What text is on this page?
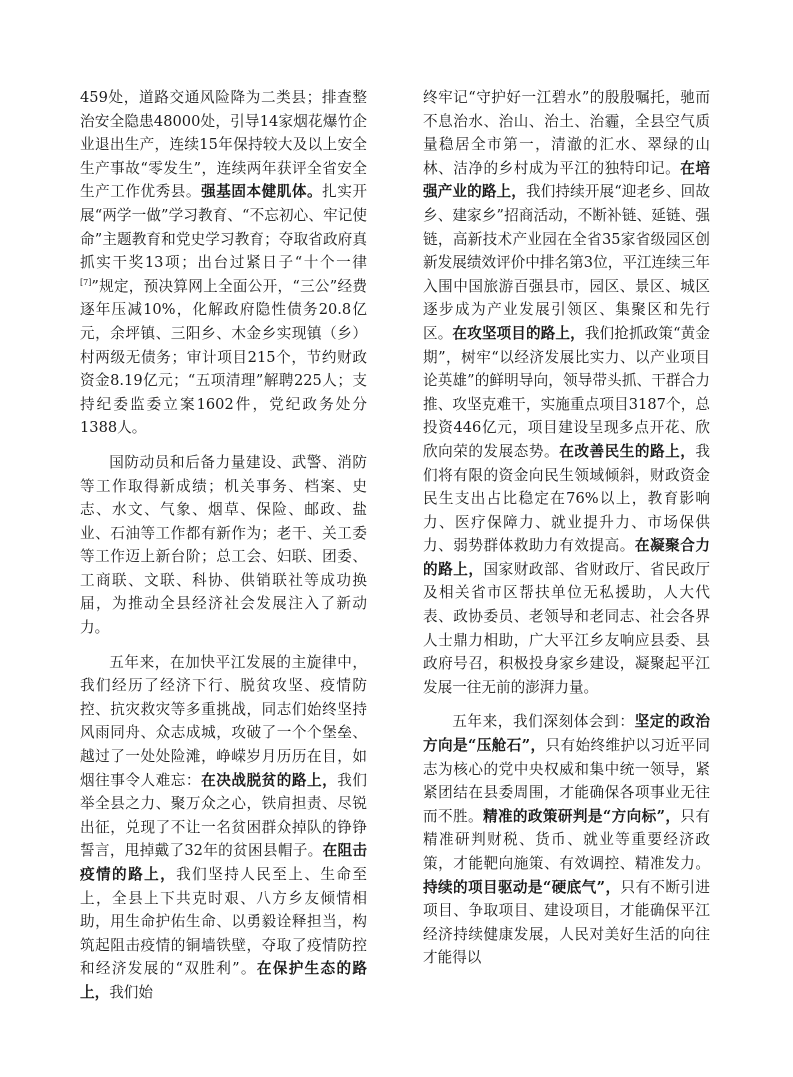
459处，道路交通风险降为二类县；排查整治安全隐患48000处，引导14家烟花爆竹企业退出生产，连续15年保持较大及以上安全生产事故“零发生”，连续两年获评全省安全生产工作优秀县。强基固本健肌体。扎实开展“两学一做”学习教育、“不忘初心、牢记使命”主题教育和党史学习教育；夺取省政府真抓实干奖13项；出台过紧日子“十个一律[7]”规定，预决算网上全面公开，“三公”经费逐年压减10%，化解政府隐性债务20.8亿元，余坪镇、三阳乡、木金乡实现镇（乡）村两级无债务；审计项目215个，节约财政资金8.19亿元；“五项清理”解聘225人；支持纪委监委立案1602件，党纪政务处分1388人。

国防动员和后备力量建设、武警、消防等工作取得新成绩；机关事务、档案、史志、水文、气象、烟草、保险、邮政、盐业、石油等工作都有新作为；老干、关工委等工作迈上新台阶；总工会、妇联、团委、工商联、文联、科协、供销联社等成功换届，为推动全县经济社会发展注入了新动力。

五年来，在加快平江发展的主旋律中，我们经历了经济下行、脱贫攻坚、疫情防控、抗灾救灾等多重挑战，同志们始终坚持风雨同舟、众志成城，攻破了一个个堡垒、越过了一处处险滩，峥嵘岁月历历在目，如烟往事令人难忘：在决战脱贫的路上，我们举全县之力、聚万众之心，铁肩担责、尽锐出征，兑现了不让一名贫困群众掉队的铮铮誓言，甩掉戴了32年的贫困县帽子。在阻击疫情的路上，我们坚持人民至上、生命至上，全县上下共克时艰、八方乡友倾情相助，用生命护佑生命、以勇毅诠释担当，构筑起阻击疫情的铜墙铁壁，夺取了疫情防控和经济发展的“双胜利”。在保护生态的路上，我们始

终牢记“守护好一江碧水”的殷殷嘱托，驰而不息治水、治山、治土、治霾，全县空气质量稳居全市第一，清澈的汇水、翠绿的山林、洁净的乡村成为平江的独特印记。在培强产业的路上，我们持续开展“迎老乡、回故乡、建家乡”招商活动，不断补链、延链、强链，高新技术产业园在全省35家省级园区创新发展绩效评价中排名第3位，平江连续三年入围中国旅游百强县市，园区、景区、城区逐步成为产业发展引领区、集聚区和先行区。在攻坚项目的路上，我们抢抓政策“黄金期”，树牢“以经济发展比实力、以产业项目论英雄”的鲜明导向，领导带头抓、干群合力推、攻坚克难干，实施重点项目3187个，总投资446亿元，项目建设呈现多点开花、欣欣向荣的发展态势。在改善民生的路上，我们将有限的资金向民生领域倾斜，财政资金民生支出占比稳定在76%以上，教育影响力、医疗保障力、就业提升力、市场保供力、弱势群体救助力有效提高。在凝聚合力的路上，国家财政部、省财政厅、省民政厅及相关省市区帮扶单位无私援助，人大代表、政协委员、老领导和老同志、社会各界人士鼎力相助，广大平江乡友响应县委、县政府号召，积极投身家乡建设，凝聚起平江发展一往无前的澎湃力量。

五年来，我们深刻体会到：坚定的政治方向是“压舱石”，只有始终维护以习近平同志为核心的党中央权威和集中统一领导，紧紧团结在县委周围，才能确保各项事业无往而不胜。精准的政策研判是“方向标”，只有精准研判财税、货币、就业等重要经济政策，才能靶向施策、有效调控、精准发力。持续的项目驱动是“硬底气”，只有不断引进项目、争取项目、建设项目，才能确保平江经济持续健康发展，人民对美好生活的向往才能得以
